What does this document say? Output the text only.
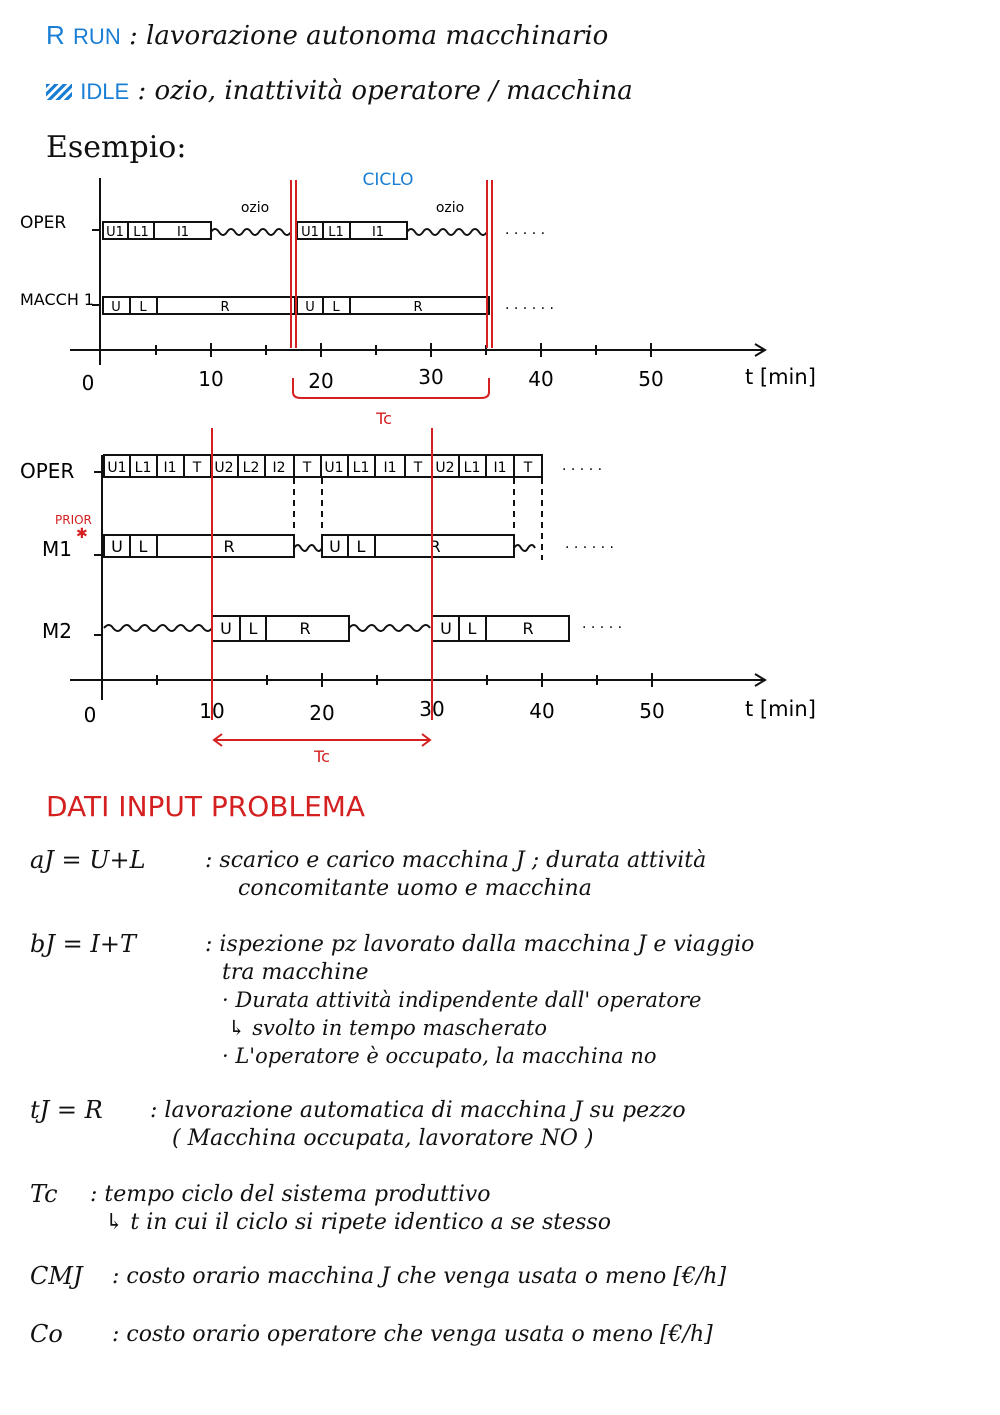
R RUN : lavorazione autonoma macchinario
IDLE : ozio, inattività operatore / macchina
Esempio:
U1 L1 I1	U1 L1 I1
ozio	ozio
. . . . .
U L	R	U L	R	. . . . . .
CICLO
Tc
OPER
MACCH 1
0	10	20	30	40	50	t [min]
U1 L1 I1 T U2 L2 I2 T U1 L1 I1 T U2 L1 I1 T . . . . .
U L	R	U L	R	. . . . . .
U L	R	U L	R	. . . . .
Tc
OPER
PRIOR
✱
M1
M2
0	10	20	30	40	50	t [min]
DATI INPUT PROBLEMA
aJ = U+L	: scarico e carico macchina J ; durata attività
concomitante uomo e macchina
bJ = I+T	: ispezione pz lavorato dalla macchina J e viaggio
tra macchine
· Durata attività indipendente dall' operatore
↳ svolto in tempo mascherato
· L'operatore è occupato, la macchina no
tJ = R : lavorazione automatica di macchina J su pezzo
( Macchina occupata, lavoratore NO )
Tc : tempo ciclo del sistema produttivo
↳ t in cui il ciclo si ripete identico a se stesso
CMJ : costo orario macchina J che venga usata o meno [€/h]
Co : costo orario operatore che venga usata o meno [€/h]
